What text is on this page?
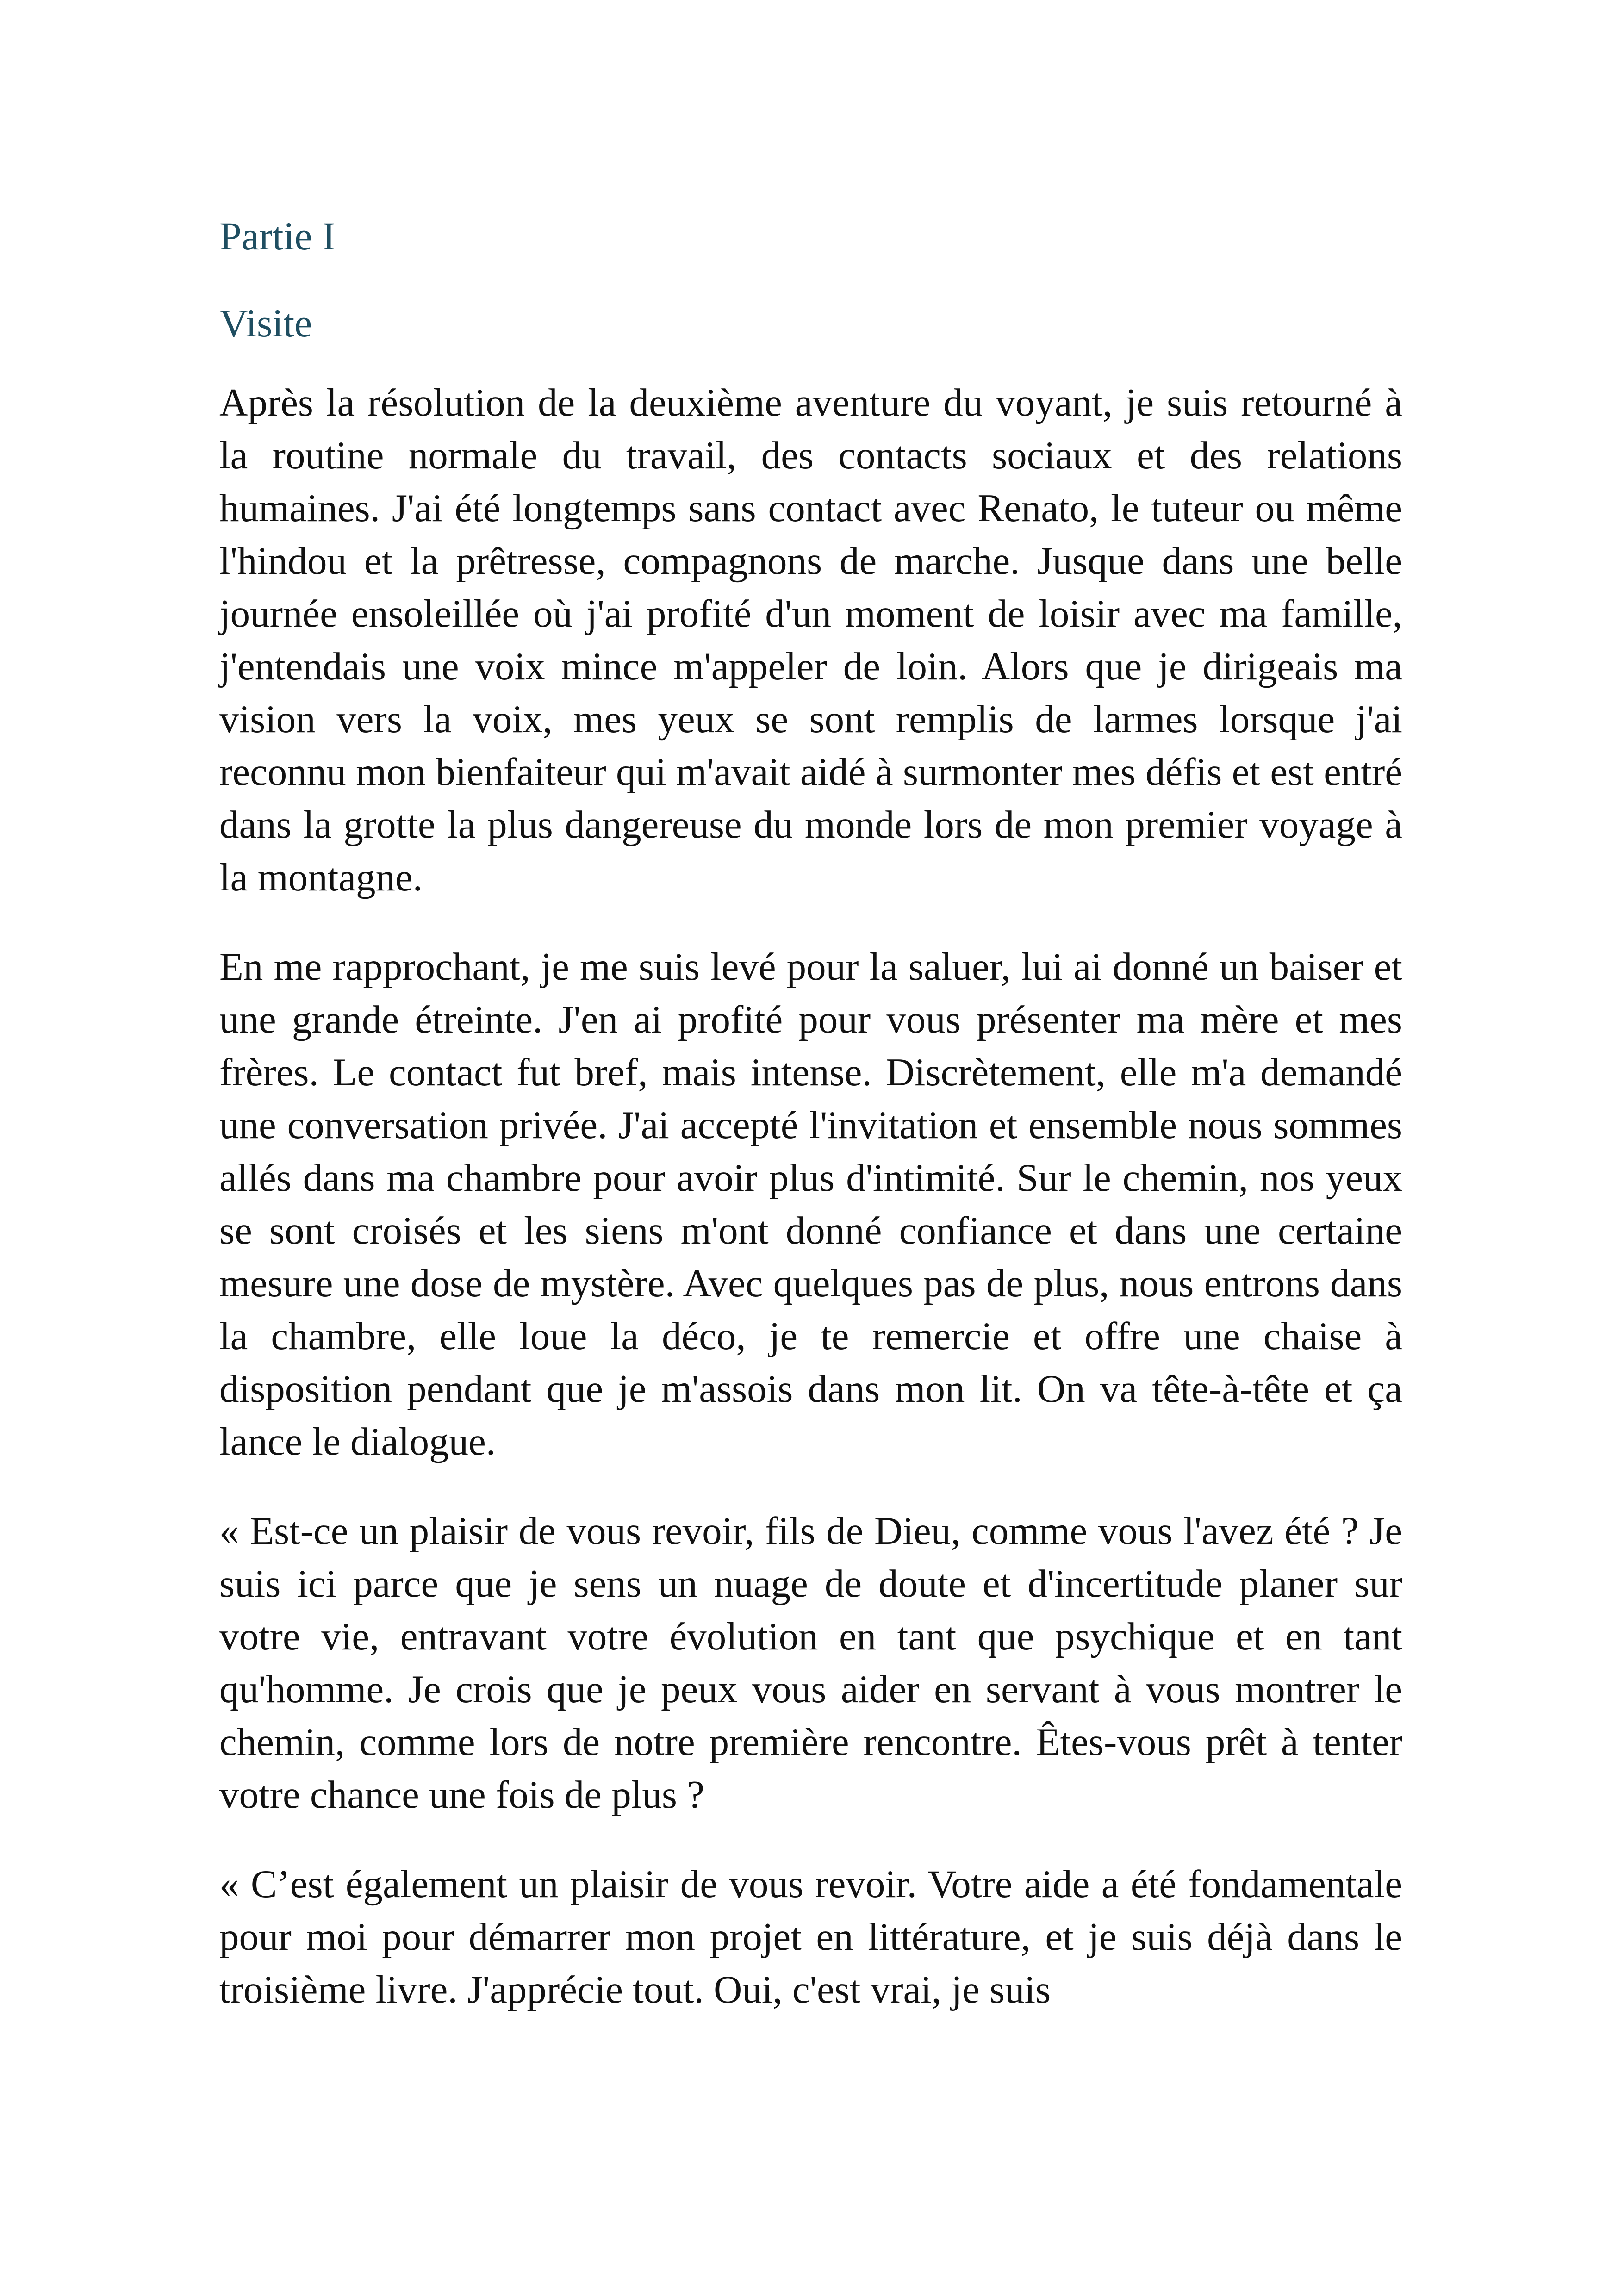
Partie I
Visite

Après la résolution de la deuxième aventure du voyant, je suis retourné à la routine normale du travail, des contacts sociaux et des relations humaines. J'ai été longtemps sans contact avec Renato, le tuteur ou même l'hindou et la prêtresse, compagnons de marche. Jusque dans une belle journée ensoleillée où j'ai profité d'un moment de loisir avec ma famille, j'entendais une voix mince m'appeler de loin. Alors que je dirigeais ma vision vers la voix, mes yeux se sont remplis de larmes lorsque j'ai reconnu mon bienfaiteur qui m'avait aidé à surmonter mes défis et est entré dans la grotte la plus dangereuse du monde lors de mon premier voyage à la montagne.

En me rapprochant, je me suis levé pour la saluer, lui ai donné un baiser et une grande étreinte. J'en ai profité pour vous présenter ma mère et mes frères. Le contact fut bref, mais intense. Discrètement, elle m'a demandé une conversation privée. J'ai accepté l'invitation et ensemble nous sommes allés dans ma chambre pour avoir plus d'intimité. Sur le chemin, nos yeux se sont croisés et les siens m'ont donné confiance et dans une certaine mesure une dose de mystère. Avec quelques pas de plus, nous entrons dans la chambre, elle loue la déco, je te remercie et offre une chaise à disposition pendant que je m'assois dans mon lit. On va tête-à-tête et ça lance le dialogue.

« Est-ce un plaisir de vous revoir, fils de Dieu, comme vous l'avez été ? Je suis ici parce que je sens un nuage de doute et d'incertitude planer sur votre vie, entravant votre évolution en tant que psychique et en tant qu'homme. Je crois que je peux vous aider en servant à vous montrer le chemin, comme lors de notre première rencontre. Êtes-vous prêt à tenter votre chance une fois de plus ?

« C’est également un plaisir de vous revoir. Votre aide a été fondamentale pour moi pour démarrer mon projet en littérature, et je suis déjà dans le troisième livre. J'apprécie tout. Oui, c'est vrai, je suis
